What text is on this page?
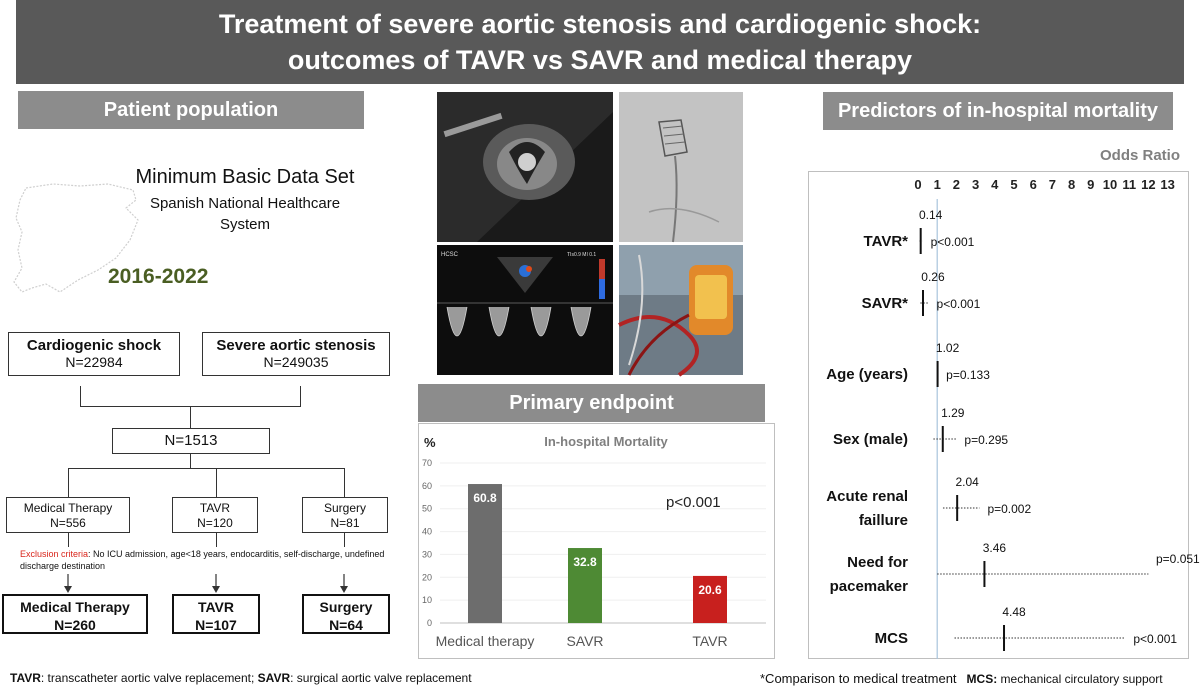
Treatment of severe aortic stenosis and cardiogenic shock:
outcomes of TAVR vs SAVR and medical therapy
Patient population
Minimum Basic Data Set
Spanish National Healthcare
System
2016-2022
Cardiogenic shock
N=22984
Severe aortic stenosis
N=249035
N=1513
Medical Therapy
N=556
TAVR
N=120
Surgery
N=81
Exclusion criteria: No ICU admission, age<18 years, endocarditis, self-discharge, undefined discharge destination
Medical Therapy
N=260
TAVR
N=107
Surgery
N=64
HCSC	TIs0.9 MI 0.1
Primary endpoint
%	In-hospital Mortality
0
10
20
30
40
50
60
70
60.8
Medical therapy
32.8
SAVR
20.6
TAVR
p<0.001
Predictors of in-hospital mortality
Odds Ratio
0 1 2 3 4 5 6 7 8 9 10 11 12 13
TAVR*
0.14
p<0.001
SAVR*
0.26
p<0.001
Age (years)
1.02
p=0.133
Sex (male)
1.29
p=0.295
Acute renal
faillure
2.04
p=0.002
Need for
pacemaker
3.46
p=0.051
MCS
4.48
p<0.001
TAVR: transcatheter aortic valve replacement; SAVR: surgical aortic valve replacement	*Comparison to medical treatment MCS: mechanical circulatory support
